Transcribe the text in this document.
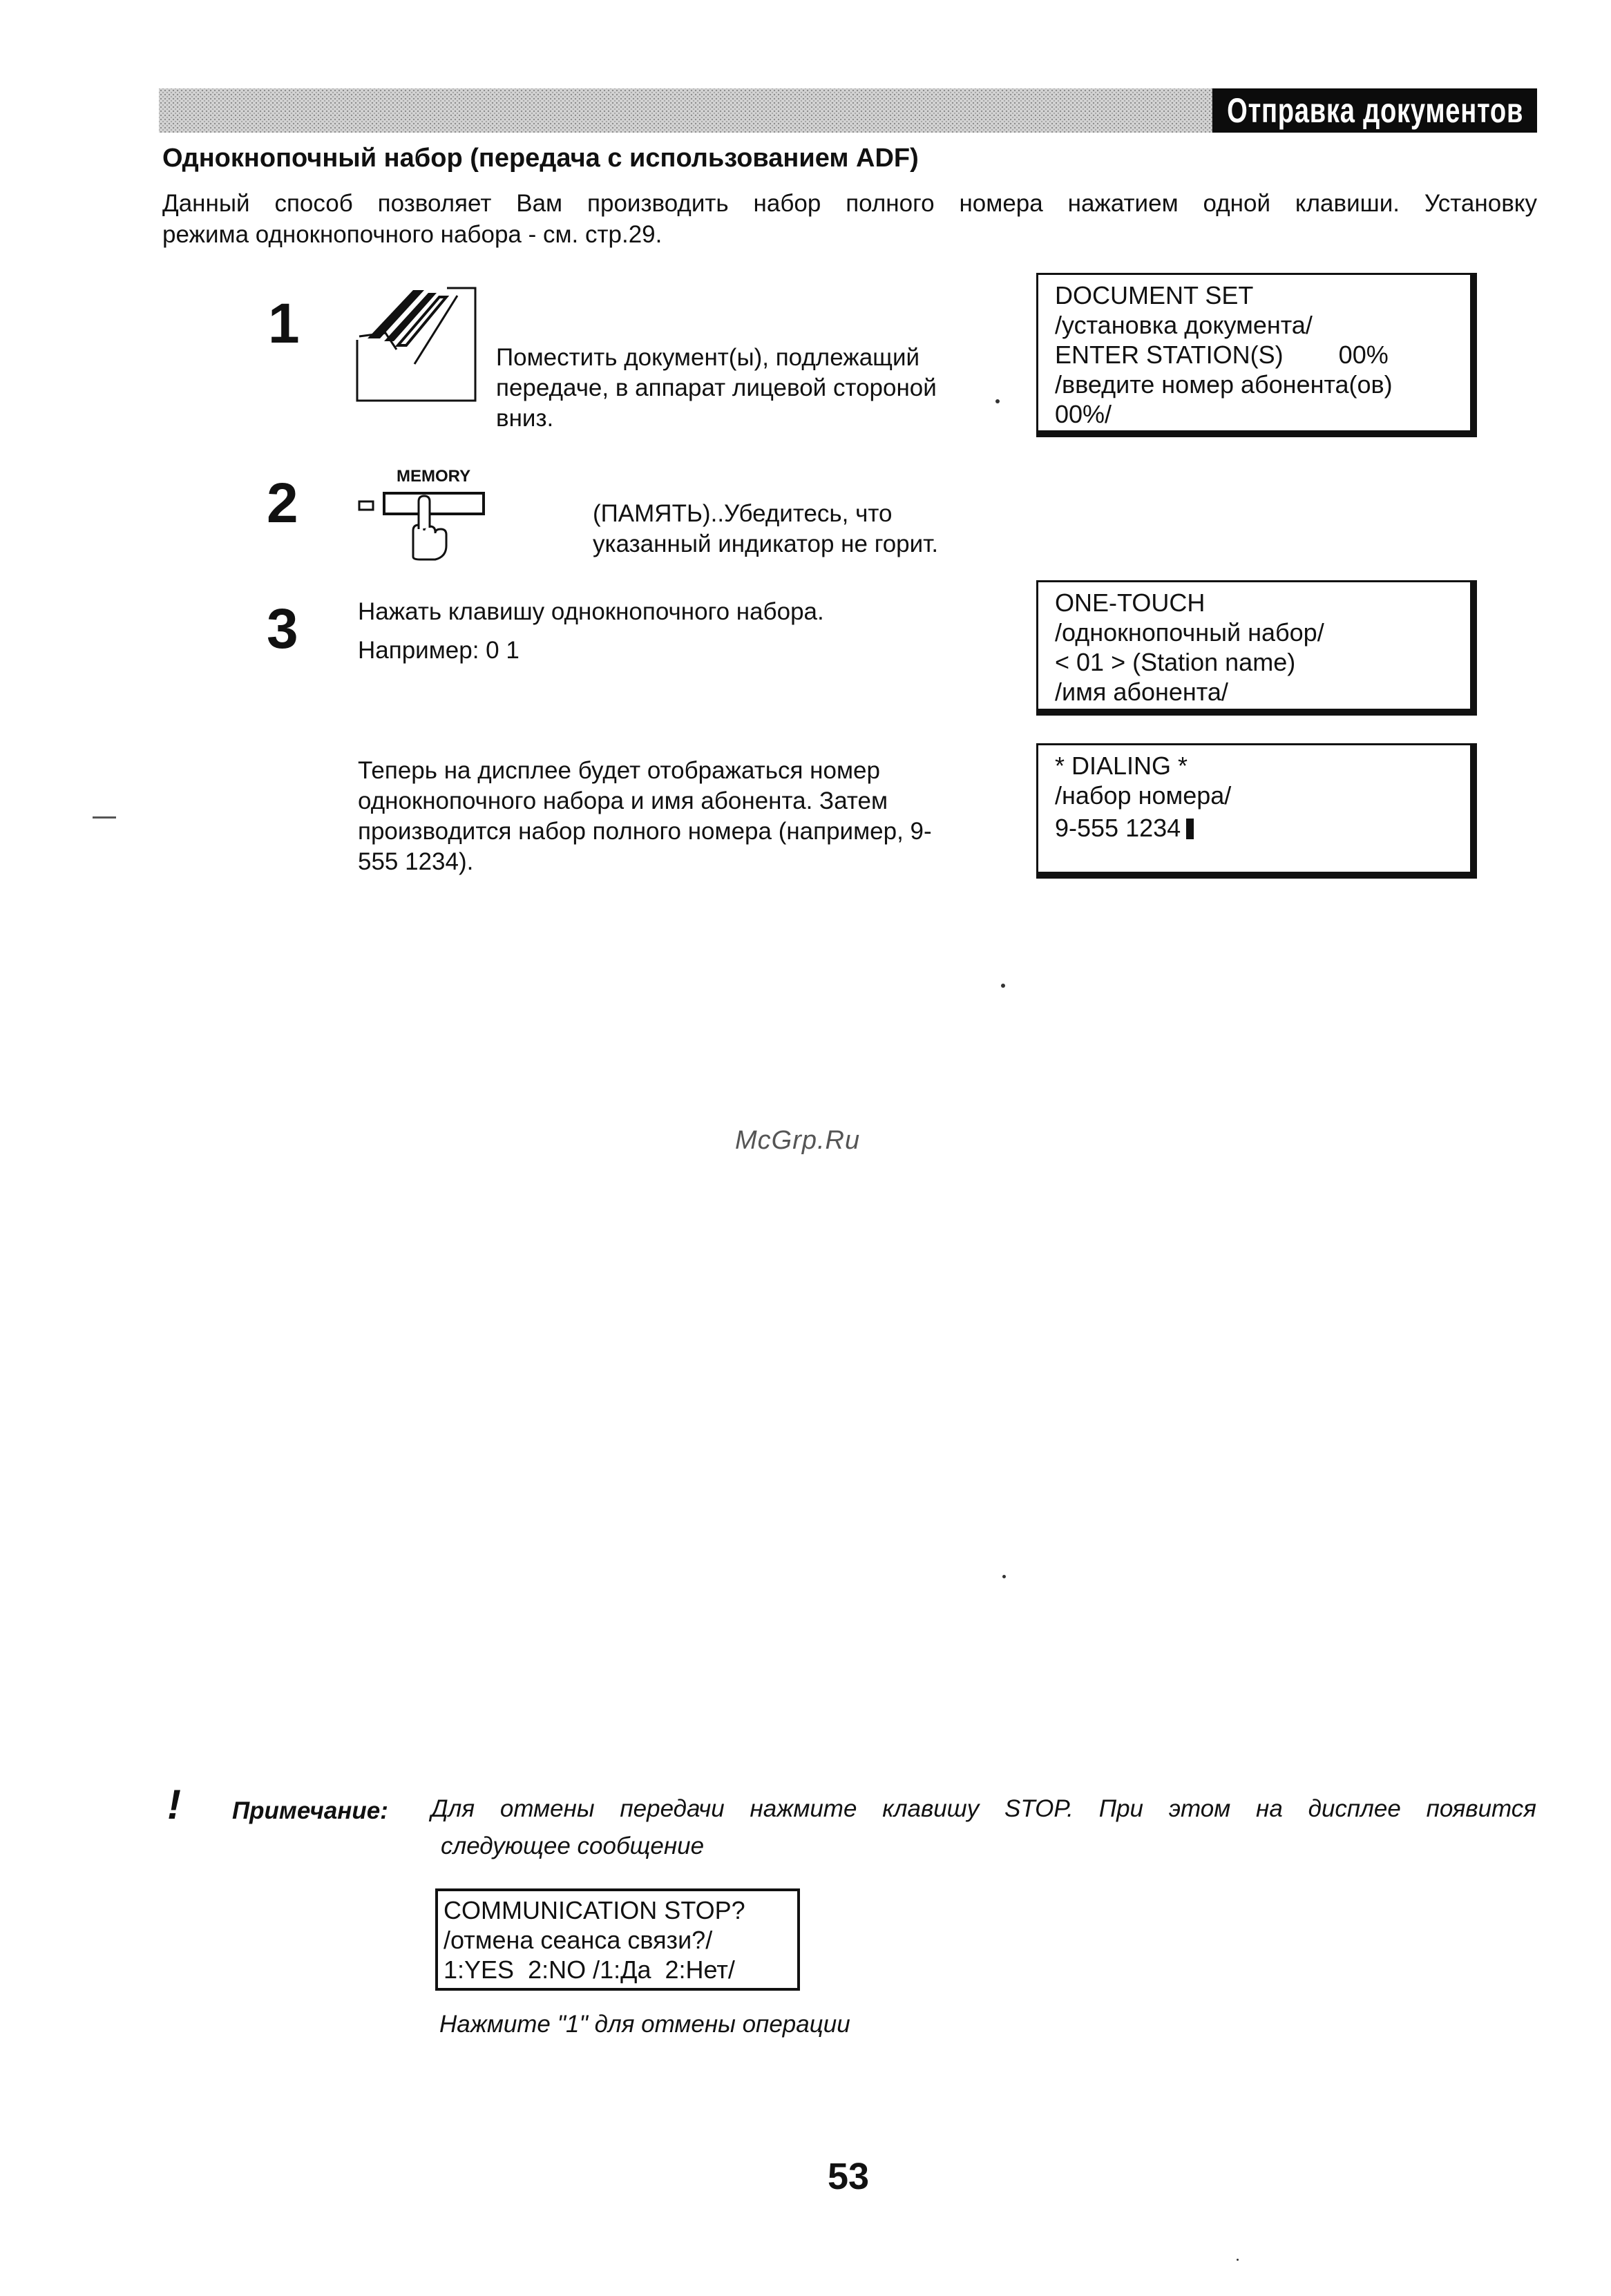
Отправка документов
Однокнопочный набор (передача с использованием ADF)
Данный способ позволяет Вам производить набор полного номера нажатием одной клавиши. Установку
режима однокнопочного набора - см. стр.29.
1
Поместить документ(ы), подлежащий
передаче, в аппарат лицевой стороной
вниз.
DOCUMENT SET
/установка документа/
ENTER STATION(S)        00%
/введите номер абонента(ов)
00%/
2	MEMORY
(ПАМЯТЬ)..Убедитесь, что
указанный индикатор не горит.
3 Нажать клавишу однокнопочного набора.
Например: 0 1
ONE-TOUCH
/однокнопочный набор/
< 01 > (Station name)
/имя абонента/
Теперь на дисплее будет отображаться номер
однокнопочного набора и имя абонента. Затем
производится набор полного номера (например, 9-
555 1234).
* DIALING *
/набор номера/
9-555 1234
McGrp.Ru
! Примечание: Для отмены передачи нажмите клавишу STOP. При этом на дисплее появится
следующее сообщение
COMMUNICATION STOP?
/отмена сеанса связи?/
1:YES  2:NO /1:Да  2:Нет/
Нажмите "1" для отмены операции
53
